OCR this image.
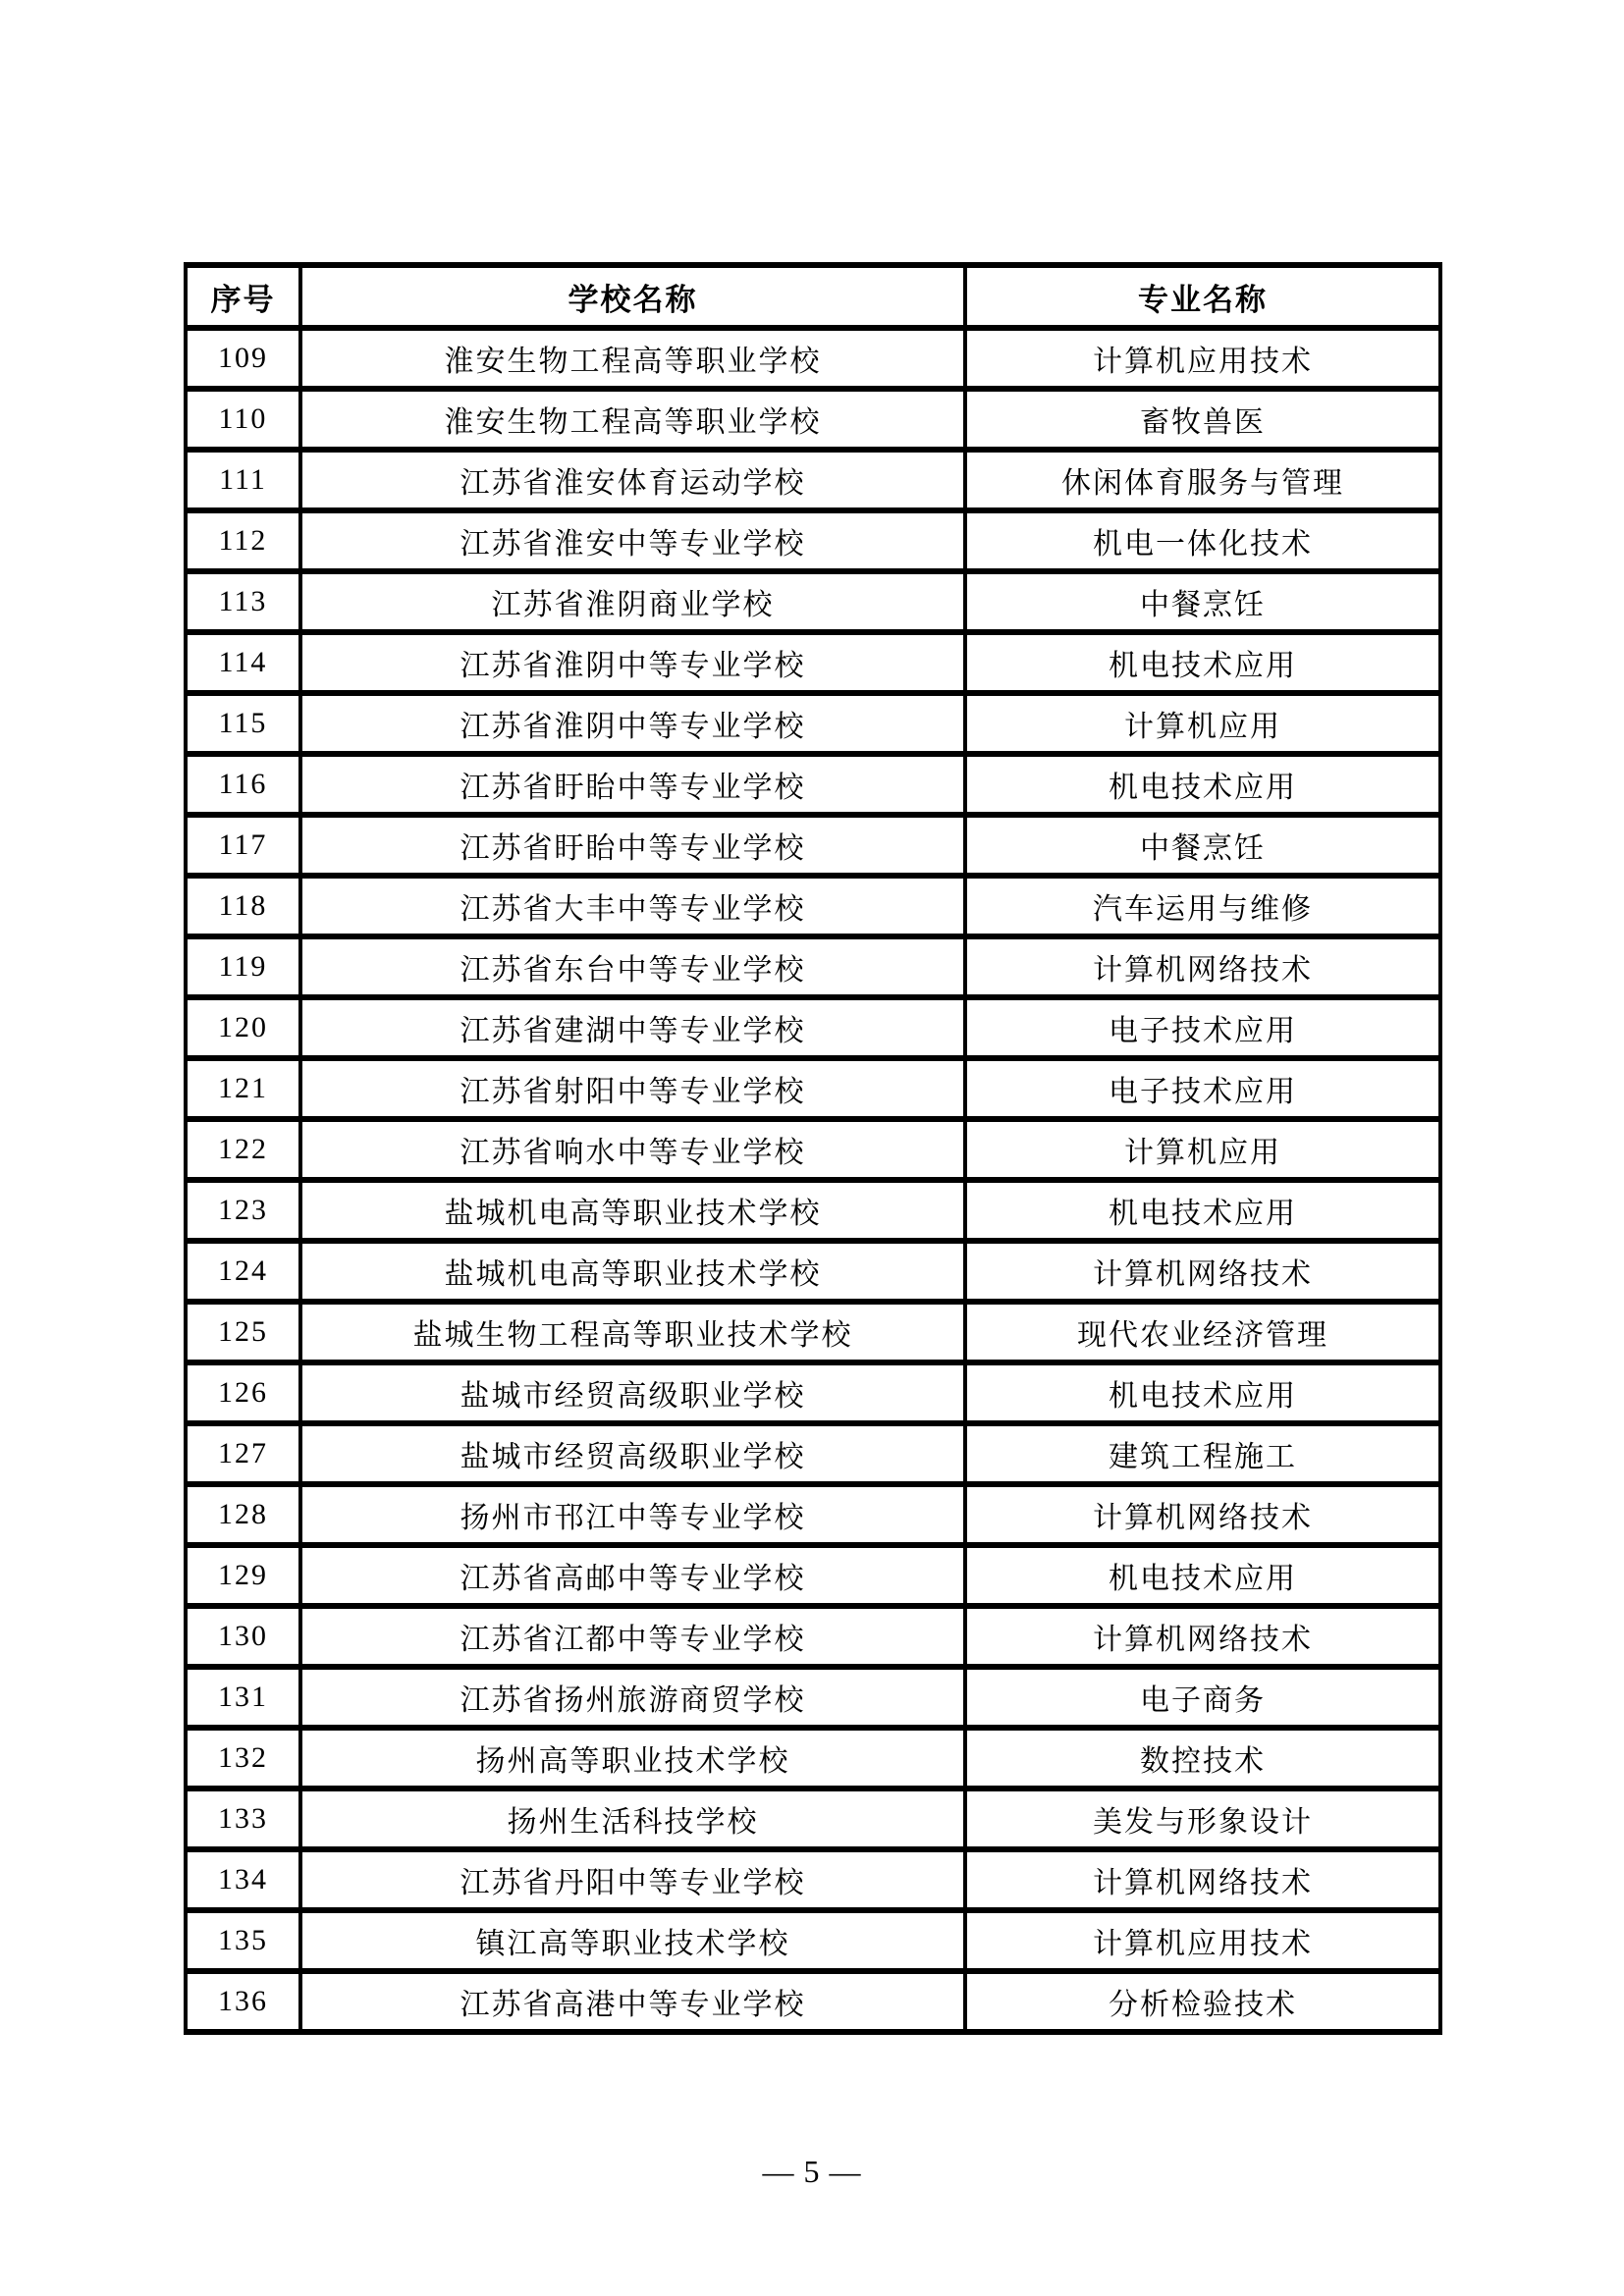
序号	学校名称	专业名称
109	淮安生物工程高等职业学校	计算机应用技术
110	淮安生物工程高等职业学校	畜牧兽医
111	江苏省淮安体育运动学校	休闲体育服务与管理
112	江苏省淮安中等专业学校	机电一体化技术
113	江苏省淮阴商业学校	中餐烹饪
114	江苏省淮阴中等专业学校	机电技术应用
115	江苏省淮阴中等专业学校	计算机应用
116	江苏省盱眙中等专业学校	机电技术应用
117	江苏省盱眙中等专业学校	中餐烹饪
118	江苏省大丰中等专业学校	汽车运用与维修
119	江苏省东台中等专业学校	计算机网络技术
120	江苏省建湖中等专业学校	电子技术应用
121	江苏省射阳中等专业学校	电子技术应用
122	江苏省响水中等专业学校	计算机应用
123	盐城机电高等职业技术学校	机电技术应用
124	盐城机电高等职业技术学校	计算机网络技术
125	盐城生物工程高等职业技术学校	现代农业经济管理
126	盐城市经贸高级职业学校	机电技术应用
127	盐城市经贸高级职业学校	建筑工程施工
128	扬州市邗江中等专业学校	计算机网络技术
129	江苏省高邮中等专业学校	机电技术应用
130	江苏省江都中等专业学校	计算机网络技术
131	江苏省扬州旅游商贸学校	电子商务
132	扬州高等职业技术学校	数控技术
133	扬州生活科技学校	美发与形象设计
134	江苏省丹阳中等专业学校	计算机网络技术
135	镇江高等职业技术学校	计算机应用技术
136	江苏省高港中等专业学校	分析检验技术
— 5 —
